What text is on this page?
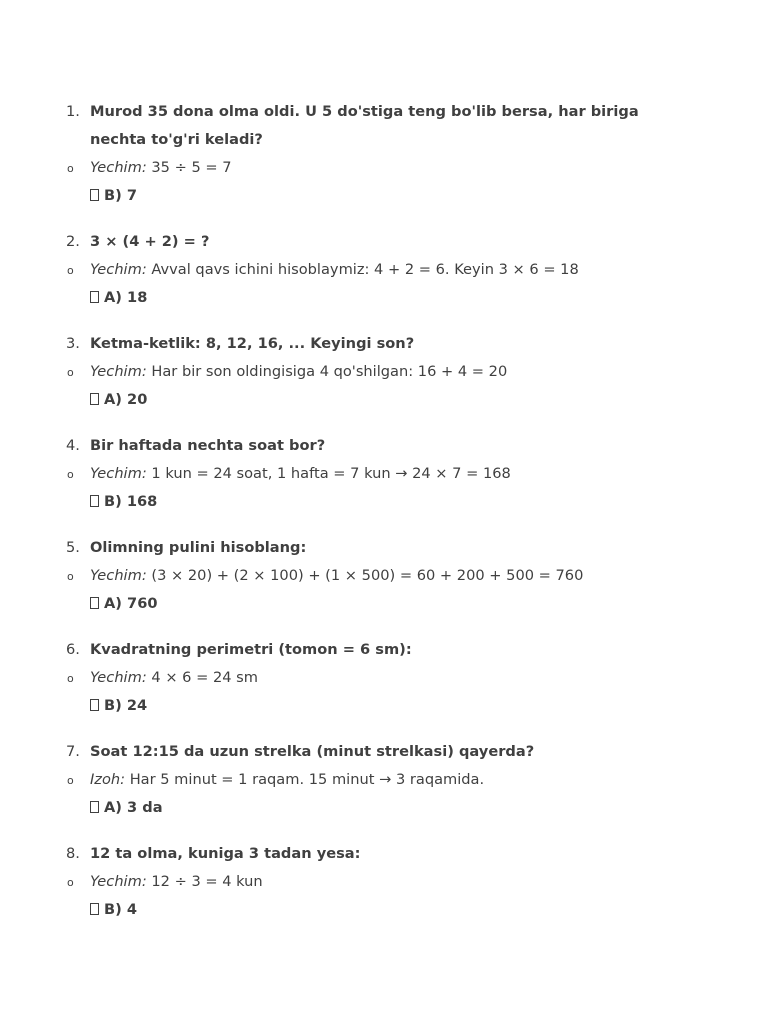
1. Murod 35 dona olma oldi. U 5 do'stiga teng bo'lib bersa, har biriga nechta to'g'ri keladi?
o Yechim: 35 ÷ 5 = 7
B) 7
2. 3 × (4 + 2) = ?
o Yechim: Avval qavs ichini hisoblaymiz: 4 + 2 = 6. Keyin 3 × 6 = 18
A) 18
3. Ketma-ketlik: 8, 12, 16, ... Keyingi son?
o Yechim: Har bir son oldingisiga 4 qo'shilgan: 16 + 4 = 20
A) 20
4. Bir haftada nechta soat bor?
o Yechim: 1 kun = 24 soat, 1 hafta = 7 kun → 24 × 7 = 168
B) 168
5. Olimning pulini hisoblang:
o Yechim: (3 × 20) + (2 × 100) + (1 × 500) = 60 + 200 + 500 = 760
A) 760
6. Kvadratning perimetri (tomon = 6 sm):
o Yechim: 4 × 6 = 24 sm
B) 24
7. Soat 12:15 da uzun strelka (minut strelkasi) qayerda?
o Izoh: Har 5 minut = 1 raqam. 15 minut → 3 raqamida.
A) 3 da
8. 12 ta olma, kuniga 3 tadan yesa:
o Yechim: 12 ÷ 3 = 4 kun
B) 4
